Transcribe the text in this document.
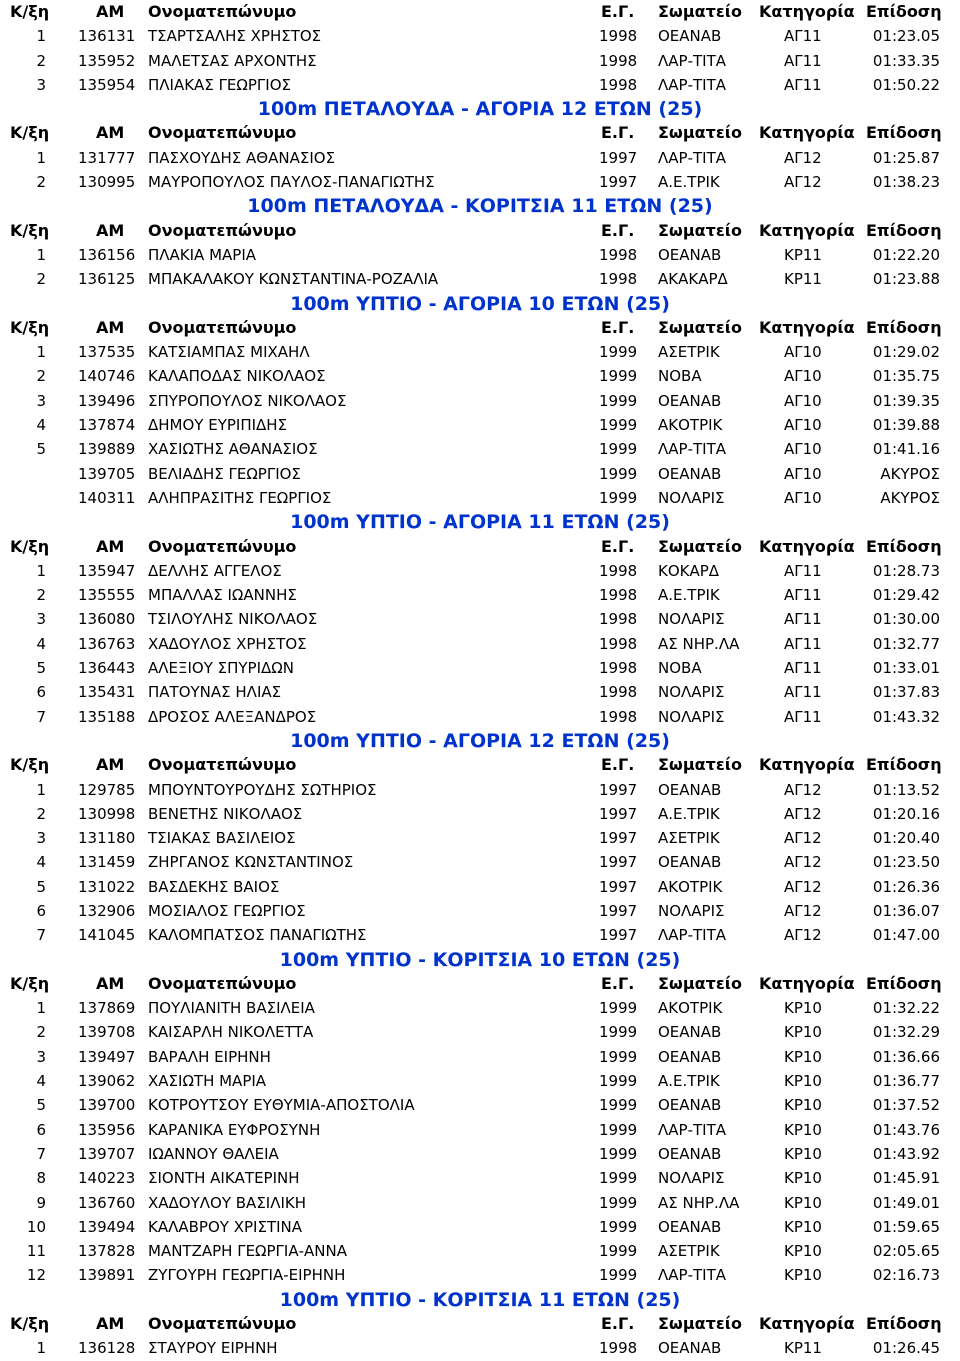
Κ/ξη	ΑΜ	Ονοματεπώνυμο	Ε.Γ.	Σωματείο	Κατηγορία Επίδοση
1 136131 ΤΣΑΡΤΣΑΛΗΣ ΧΡΗΣΤΟΣ	1998	ΟΕΑΝΑΒ	ΑΓ11	01:23.05
2 135952 ΜΑΛΕΤΣΑΣ ΑΡΧΟΝΤΗΣ	1998	ΛΑΡ-ΤΙΤΑ	ΑΓ11	01:33.35
3 135954 ΠΛΙΑΚΑΣ ΓΕΩΡΓΙΟΣ	1998	ΛΑΡ-ΤΙΤΑ	ΑΓ11	01:50.22
100m ΠΕΤΑΛΟΥΔΑ - ΑΓΟΡΙΑ 12 ΕΤΩΝ (25)
Κ/ξη	ΑΜ	Ονοματεπώνυμο	Ε.Γ.	Σωματείο	Κατηγορία Επίδοση
1 131777 ΠΑΣΧΟΥΔΗΣ ΑΘΑΝΑΣΙΟΣ	1997	ΛΑΡ-ΤΙΤΑ	ΑΓ12	01:25.87
2 130995 ΜΑΥΡΟΠΟΥΛΟΣ ΠΑΥΛΟΣ-ΠΑΝΑΓΙΩΤΗΣ	1997	Α.Ε.ΤΡΙΚ	ΑΓ12	01:38.23
100m ΠΕΤΑΛΟΥΔΑ - ΚΟΡΙΤΣΙΑ 11 ΕΤΩΝ (25)
Κ/ξη	ΑΜ	Ονοματεπώνυμο	Ε.Γ.	Σωματείο	Κατηγορία Επίδοση
1 136156 ΠΛΑΚΙΑ ΜΑΡΙΑ	1998	ΟΕΑΝΑΒ	ΚΡ11	01:22.20
2 136125 ΜΠΑΚΑΛΑΚΟΥ ΚΩΝΣΤΑΝΤΙΝΑ-ΡΟΖΑΛΙΑ	1998	ΑΚΑΚΑΡΔ	ΚΡ11	01:23.88
100m ΥΠΤΙΟ - ΑΓΟΡΙΑ 10 ΕΤΩΝ (25)
Κ/ξη	ΑΜ	Ονοματεπώνυμο	Ε.Γ.	Σωματείο	Κατηγορία Επίδοση
1 137535 ΚΑΤΣΙΑΜΠΑΣ ΜΙΧΑΗΛ	1999	ΑΣΕΤΡΙΚ	ΑΓ10	01:29.02
2 140746 ΚΑΛΑΠΟΔΑΣ ΝΙΚΟΛΑΟΣ	1999	ΝΟΒΑ	ΑΓ10	01:35.75
3 139496 ΣΠΥΡΟΠΟΥΛΟΣ ΝΙΚΟΛΑΟΣ	1999	ΟΕΑΝΑΒ	ΑΓ10	01:39.35
4 137874 ΔΗΜΟΥ ΕΥΡΙΠΙΔΗΣ	1999	ΑΚΟΤΡΙΚ	ΑΓ10	01:39.88
5 139889 ΧΑΣΙΩΤΗΣ ΑΘΑΝΑΣΙΟΣ	1999	ΛΑΡ-ΤΙΤΑ	ΑΓ10	01:41.16
139705 ΒΕΛΙΑΔΗΣ ΓΕΩΡΓΙΟΣ	1999	ΟΕΑΝΑΒ	ΑΓ10	ΑΚΥΡΟΣ
140311 ΑΛΗΠΡΑΣΙΤΗΣ ΓΕΩΡΓΙΟΣ	1999	ΝΟΛΑΡΙΣ	ΑΓ10	ΑΚΥΡΟΣ
100m ΥΠΤΙΟ - ΑΓΟΡΙΑ 11 ΕΤΩΝ (25)
Κ/ξη	ΑΜ	Ονοματεπώνυμο	Ε.Γ.	Σωματείο	Κατηγορία Επίδοση
1 135947 ΔΕΛΛΗΣ ΑΓΓΕΛΟΣ	1998	ΚΟΚΑΡΔ	ΑΓ11	01:28.73
2 135555 ΜΠΑΛΛΑΣ ΙΩΑΝΝΗΣ	1998	Α.Ε.ΤΡΙΚ	ΑΓ11	01:29.42
3 136080 ΤΣΙΛΟΥΛΗΣ ΝΙΚΟΛΑΟΣ	1998	ΝΟΛΑΡΙΣ	ΑΓ11	01:30.00
4 136763 ΧΑΔΟΥΛΟΣ ΧΡΗΣΤΟΣ	1998	ΑΣ ΝΗΡ.ΛΑ	ΑΓ11	01:32.77
5 136443 ΑΛΕΞΙΟΥ ΣΠΥΡΙΔΩΝ	1998	ΝΟΒΑ	ΑΓ11	01:33.01
6 135431 ΠΑΤΟΥΝΑΣ ΗΛΙΑΣ	1998	ΝΟΛΑΡΙΣ	ΑΓ11	01:37.83
7 135188 ΔΡΟΣΟΣ ΑΛΕΞΑΝΔΡΟΣ	1998	ΝΟΛΑΡΙΣ	ΑΓ11	01:43.32
100m ΥΠΤΙΟ - ΑΓΟΡΙΑ 12 ΕΤΩΝ (25)
Κ/ξη	ΑΜ	Ονοματεπώνυμο	Ε.Γ.	Σωματείο	Κατηγορία Επίδοση
1 129785 ΜΠΟΥΝΤΟΥΡΟΥΔΗΣ ΣΩΤΗΡΙΟΣ	1997	ΟΕΑΝΑΒ	ΑΓ12	01:13.52
2 130998 ΒΕΝΕΤΗΣ ΝΙΚΟΛΑΟΣ	1997	Α.Ε.ΤΡΙΚ	ΑΓ12	01:20.16
3 131180 ΤΣΙΑΚΑΣ ΒΑΣΙΛΕΙΟΣ	1997	ΑΣΕΤΡΙΚ	ΑΓ12	01:20.40
4 131459 ΖΗΡΓΑΝΟΣ ΚΩΝΣΤΑΝΤΙΝΟΣ	1997	ΟΕΑΝΑΒ	ΑΓ12	01:23.50
5 131022 ΒΑΣΔΕΚΗΣ ΒΑΙΟΣ	1997	ΑΚΟΤΡΙΚ	ΑΓ12	01:26.36
6 132906 ΜΟΣΙΑΛΟΣ ΓΕΩΡΓΙΟΣ	1997	ΝΟΛΑΡΙΣ	ΑΓ12	01:36.07
7 141045 ΚΑΛΟΜΠΑΤΣΟΣ ΠΑΝΑΓΙΩΤΗΣ	1997	ΛΑΡ-ΤΙΤΑ	ΑΓ12	01:47.00
100m ΥΠΤΙΟ - ΚΟΡΙΤΣΙΑ 10 ΕΤΩΝ (25)
Κ/ξη	ΑΜ	Ονοματεπώνυμο	Ε.Γ.	Σωματείο	Κατηγορία Επίδοση
1 137869 ΠΟΥΛΙΑΝΙΤΗ ΒΑΣΙΛΕΙΑ	1999	ΑΚΟΤΡΙΚ	ΚΡ10	01:32.22
2 139708 ΚΑΙΣΑΡΛΗ ΝΙΚΟΛΕΤΤΑ	1999	ΟΕΑΝΑΒ	ΚΡ10	01:32.29
3 139497 ΒΑΡΑΛΗ ΕΙΡΗΝΗ	1999	ΟΕΑΝΑΒ	ΚΡ10	01:36.66
4 139062 ΧΑΣΙΩΤΗ ΜΑΡΙΑ	1999	Α.Ε.ΤΡΙΚ	ΚΡ10	01:36.77
5 139700 ΚΟΤΡΟΥΤΣΟΥ ΕΥΘΥΜΙΑ-ΑΠΟΣΤΟΛΙΑ	1999	ΟΕΑΝΑΒ	ΚΡ10	01:37.52
6 135956 ΚΑΡΑΝΙΚΑ ΕΥΦΡΟΣΥΝΗ	1999	ΛΑΡ-ΤΙΤΑ	ΚΡ10	01:43.76
7 139707 ΙΩΑΝΝΟΥ ΘΑΛΕΙΑ	1999	ΟΕΑΝΑΒ	ΚΡ10	01:43.92
8 140223 ΣΙΟΝΤΗ ΑΙΚΑΤΕΡΙΝΗ	1999	ΝΟΛΑΡΙΣ	ΚΡ10	01:45.91
9 136760 ΧΑΔΟΥΛΟΥ ΒΑΣΙΛΙΚΗ	1999	ΑΣ ΝΗΡ.ΛΑ	ΚΡ10	01:49.01
10 139494 ΚΑΛΑΒΡΟΥ ΧΡΙΣΤΙΝΑ	1999	ΟΕΑΝΑΒ	ΚΡ10	01:59.65
11 137828 ΜΑΝΤΖΑΡΗ ΓΕΩΡΓΙΑ-ΑΝΝΑ	1999	ΑΣΕΤΡΙΚ	ΚΡ10	02:05.65
12 139891 ΖΥΓΟΥΡΗ ΓΕΩΡΓΙΑ-ΕΙΡΗΝΗ	1999	ΛΑΡ-ΤΙΤΑ	ΚΡ10	02:16.73
100m ΥΠΤΙΟ - ΚΟΡΙΤΣΙΑ 11 ΕΤΩΝ (25)
Κ/ξη	ΑΜ	Ονοματεπώνυμο	Ε.Γ.	Σωματείο	Κατηγορία Επίδοση
1 136128 ΣΤΑΥΡΟΥ ΕΙΡΗΝΗ	1998	ΟΕΑΝΑΒ	ΚΡ11	01:26.45
